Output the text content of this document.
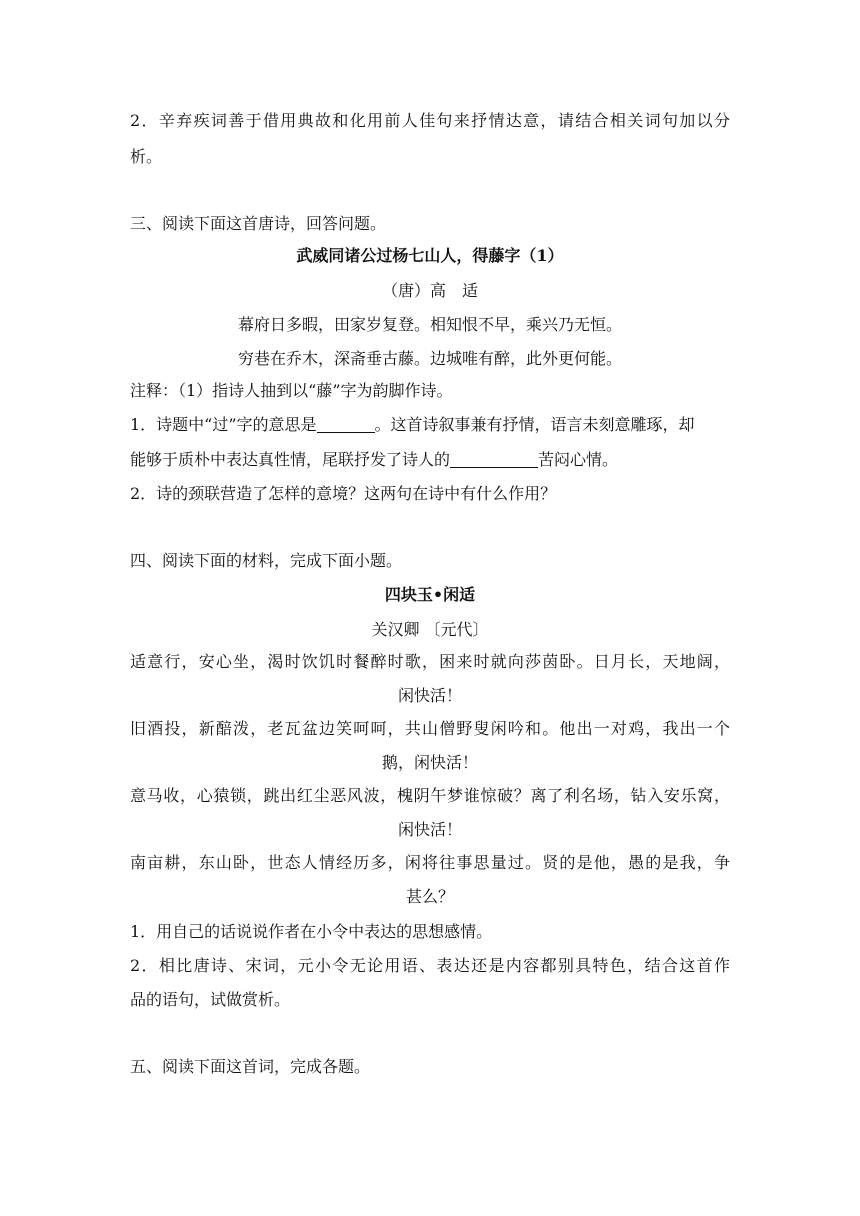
2．辛弃疾词善于借用典故和化用前人佳句来抒情达意，请结合相关词句加以分
析。
三、阅读下面这首唐诗，回答问题。
武威同诸公过杨七山人，得藤字（1）
（唐）高　适
幕府日多暇，田家岁复登。相知恨不早，乘兴乃无恒。
穷巷在乔木，深斋垂古藤。边城唯有醉，此外更何能。
注释：（1）指诗人抽到以“藤”字为韵脚作诗。
1．诗题中“过”字的意思是	。这首诗叙事兼有抒情，语言未刻意雕琢，却
能够于质朴中表达真性情，尾联抒发了诗人的	苦闷心情。
2．诗的颈联营造了怎样的意境？这两句在诗中有什么作用？
四、阅读下面的材料，完成下面小题。
四块玉•闲适
关汉卿 〔元代〕
适意行，安心坐，渴时饮饥时餐醉时歌，困来时就向莎茵卧。日月长，天地阔，
闲快活！
旧酒投，新醅泼，老瓦盆边笑呵呵，共山僧野叟闲吟和。他出一对鸡，我出一个
鹅，闲快活！
意马收，心猿锁，跳出红尘恶风波，槐阴午梦谁惊破？离了利名场，钻入安乐窝，
闲快活！
南亩耕，东山卧，世态人情经历多，闲将往事思量过。贤的是他，愚的是我，争
甚么？
1．用自己的话说说作者在小令中表达的思想感情。
2．相比唐诗、宋词，元小令无论用语、表达还是内容都别具特色，结合这首作
品的语句，试做赏析。
五、阅读下面这首词，完成各题。
